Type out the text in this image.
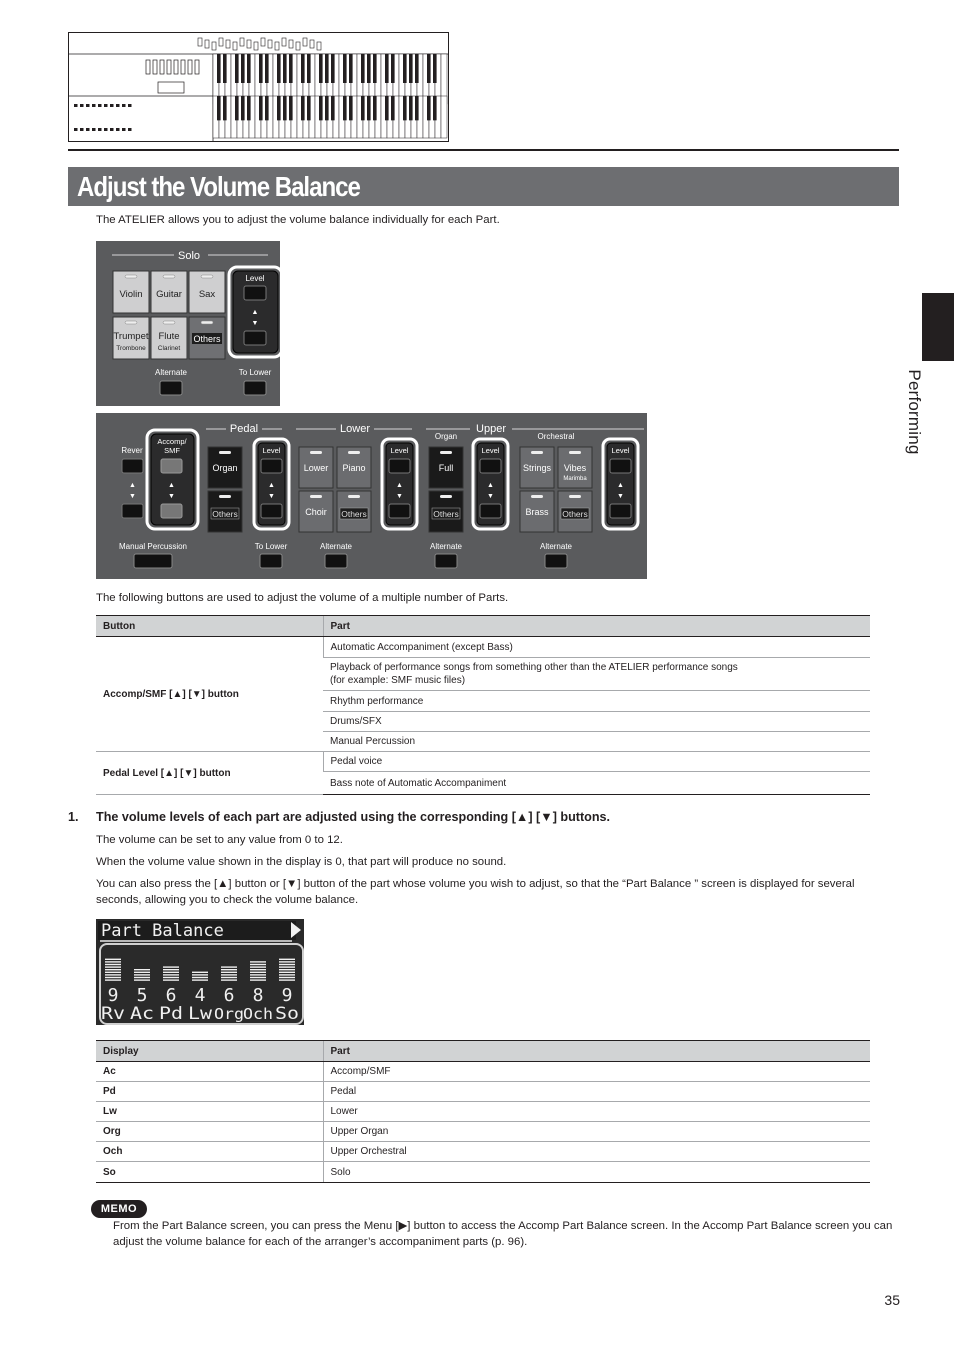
Adjust the Volume Balance
Performing

The ATELIER allows you to adjust the volume balance individually for each Part.

Solo
Violin Guitar Sax
Trumpet
Trombone
Flute
Clarinet
Others
Level
▲
▼
Alternate	To Lower
Pedal	Lower	Upper
Organ	Orchestral
Rever
▲
▼
Accomp/
SMF
▲
▼
Organ
Others
Level
▲
▼
Lower Piano
Choir Others
Level
▲
▼
Full
Others
Level
▲
▼
Strings Vibes
Marimba
Brass Others
Level
▲
▼
Manual Percussion	To Lower	Alternate	Alternate	Alternate

The following buttons are used to adjust the volume of a multiple number of Parts.

Button	Part
Accomp/SMF [▲] [▼] button	Automatic Accompaniment (except Bass)
	Playback of performance songs from something other than the ATELIER performance songs
(for example: SMF music files)
	Rhythm performance
	Drums/SFX
	Manual Percussion
Pedal Level [▲] [▼] button	Pedal voice
	Bass note of Automatic Accompaniment

1. The volume levels of each part are adjusted using the corresponding [▲] [▼] buttons.

The volume can be set to any value from 0 to 12.

When the volume value shown in the display is 0, that part will produce no sound.

You can also press the [▲] button or [▼] button of the part whose volume you wish to adjust, so that the “Part Balance ” screen is displayed for several seconds, allowing you to check the volume balance.

Part Balance
9
Rv
5
Ac
6
Pd
4
Lw
6
Org
8
Och
9
So
Display	Part
Ac	Accomp/SMF
Pd	Pedal
Lw	Lower
Org	Upper Organ
Och	Upper Orchestral
So	Solo
MEMO

From the Part Balance screen, you can press the Menu [▶] button to access the Accomp Part Balance screen. In the Accomp Part Balance screen you can adjust the volume balance for each of the arranger’s accompaniment parts (p. 96).

35
